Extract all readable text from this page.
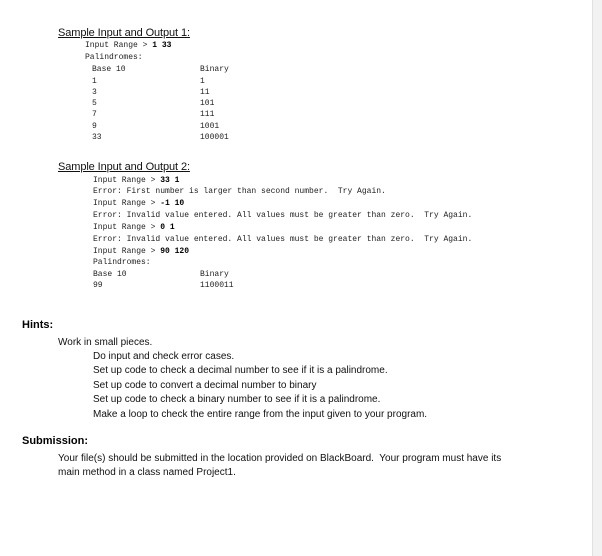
Sample Input and Output 1:
Input Range > 1 33
Palindromes:
Base 10	Binary
1	1
3	11
5	101
7	111
9	1001
33	100001
Sample Input and Output 2:
Input Range > 33 1
Error: First number is larger than second number.  Try Again.
Input Range > -1 10
Error: Invalid value entered. All values must be greater than zero.  Try Again.
Input Range > 0 1
Error: Invalid value entered. All values must be greater than zero.  Try Again.
Input Range > 90 120
Palindromes:
Base 10	Binary
99	1100011
Hints:
Work in small pieces.
Do input and check error cases.
Set up code to check a decimal number to see if it is a palindrome.
Set up code to convert a decimal number to binary
Set up code to check a binary number to see if it is a palindrome.
Make a loop to check the entire range from the input given to your program.
Submission:
Your file(s) should be submitted in the location provided on BlackBoard.  Your program must have its
main method in a class named Project1.
